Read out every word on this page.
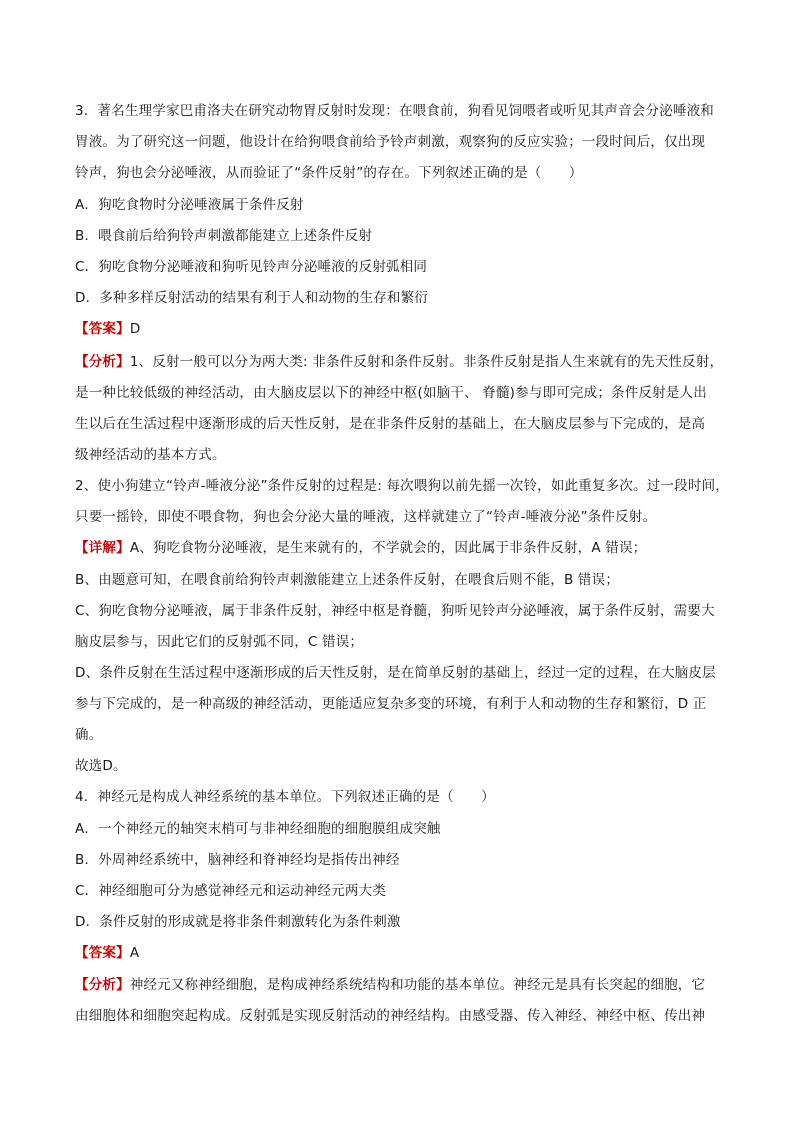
3．著名生理学家巴甫洛夫在研究动物胃反射时发现：在喂食前，狗看见饲喂者或听见其声音会分泌唾液和
胃液。为了研究这一问题，他设计在给狗喂食前给予铃声刺激，观察狗的反应实验；一段时间后，仅出现
铃声，狗也会分泌唾液，从而验证了“条件反射”的存在。下列叙述正确的是（　　）
A．狗吃食物时分泌唾液属于条件反射
B．喂食前后给狗铃声刺激都能建立上述条件反射
C．狗吃食物分泌唾液和狗听见铃声分泌唾液的反射弧相同
D．多种多样反射活动的结果有利于人和动物的生存和繁衍
【答案】D
【分析】1、反射一般可以分为两大类: 非条件反射和条件反射。非条件反射是指人生来就有的先天性反射，
是一种比较低级的神经活动，由大脑皮层以下的神经中枢(如脑干、 脊髓)参与即可完成；条件反射是人出
生以后在生活过程中逐渐形成的后天性反射，是在非条件反射的基础上，在大脑皮层参与下完成的，是高
级神经活动的基本方式。
2、使小狗建立“铃声-唾液分泌”条件反射的过程是: 每次喂狗以前先摇一次铃，如此重复多次。过一段时间，
只要一摇铃，即使不喂食物，狗也会分泌大量的唾液，这样就建立了“铃声-唾液分泌”条件反射。
【详解】A、狗吃食物分泌唾液，是生来就有的，不学就会的，因此属于非条件反射，A 错误；
B、由题意可知，在喂食前给狗铃声刺激能建立上述条件反射，在喂食后则不能，B 错误；
C、狗吃食物分泌唾液，属于非条件反射，神经中枢是脊髓，狗听见铃声分泌唾液，属于条件反射，需要大
脑皮层参与，因此它们的反射弧不同，C 错误；
D、条件反射在生活过程中逐渐形成的后天性反射，是在简单反射的基础上，经过一定的过程，在大脑皮层
参与下完成的，是一种高级的神经活动，更能适应复杂多变的环境，有利于人和动物的生存和繁衍，D 正
确。
故选D。
4．神经元是构成人神经系统的基本单位。下列叙述正确的是（　　）
A．一个神经元的轴突末梢可与非神经细胞的细胞膜组成突触
B．外周神经系统中，脑神经和脊神经均是指传出神经
C．神经细胞可分为感觉神经元和运动神经元两大类
D．条件反射的形成就是将非条件刺激转化为条件刺激
【答案】A
【分析】神经元又称神经细胞，是构成神经系统结构和功能的基本单位。神经元是具有长突起的细胞，它
由细胞体和细胞突起构成。反射弧是实现反射活动的神经结构。由感受器、传入神经、神经中枢、传出神
